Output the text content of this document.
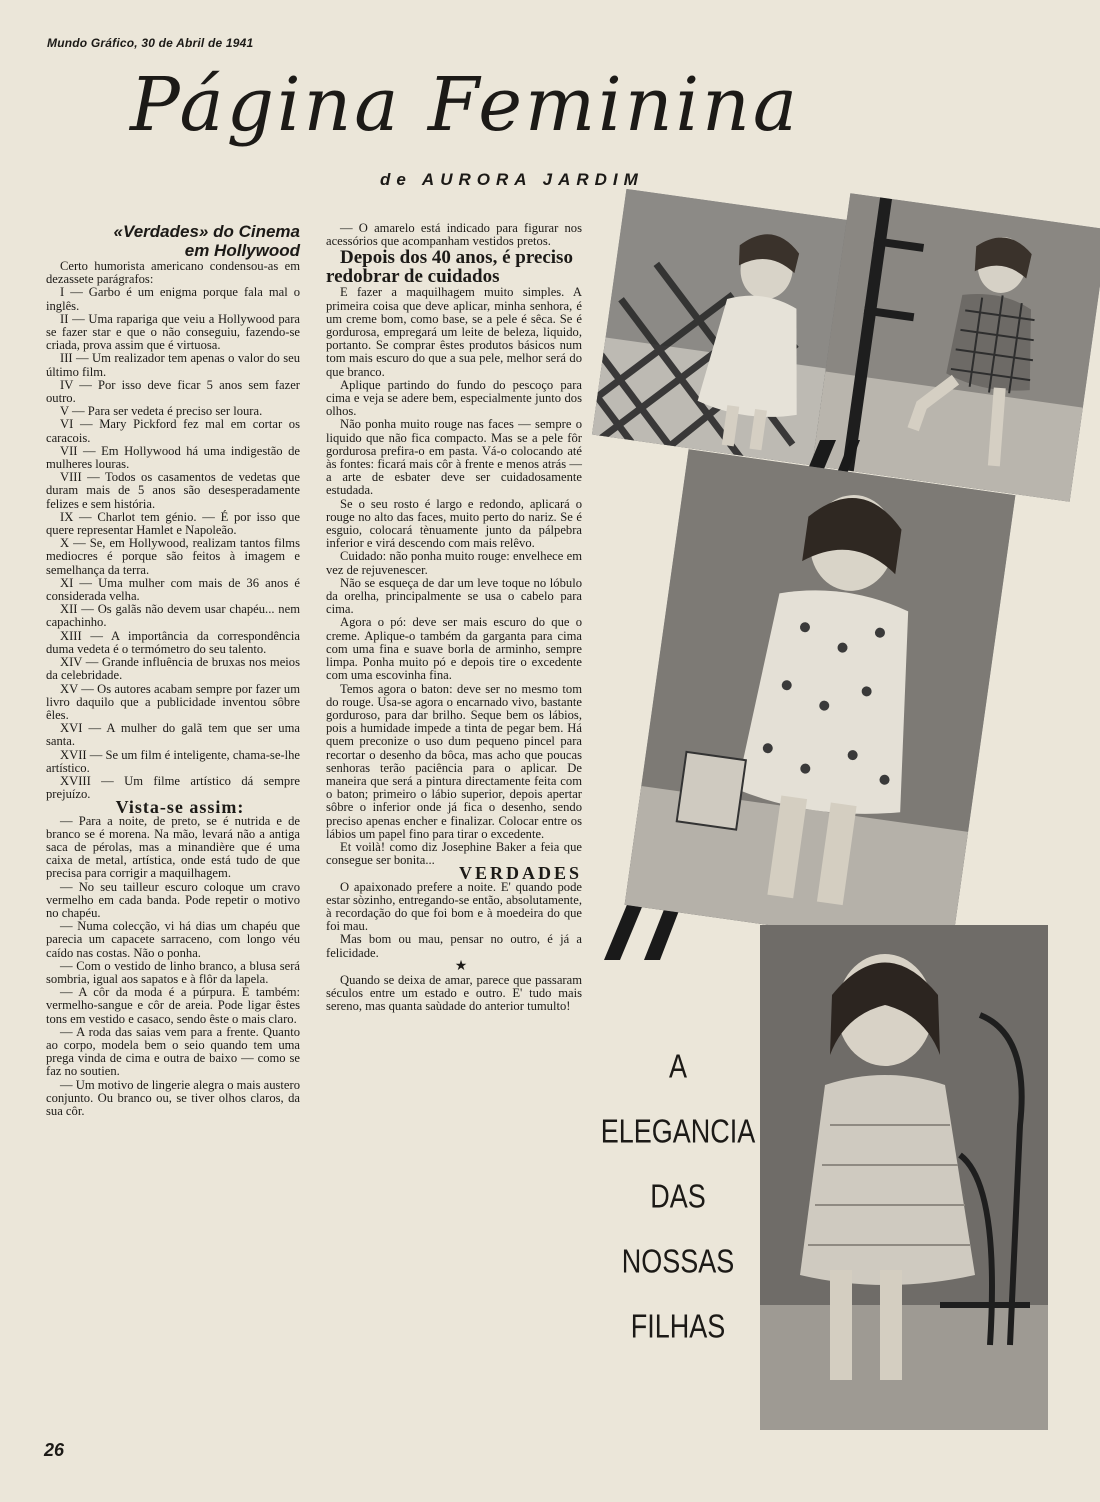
Mundo Gráfico, 30 de Abril de 1941
Página Feminina
de AURORA JARDIM

«Verdades» do Cinema
em Hollywood

Certo humorista americano condensou-as em dezassete parágrafos:

I — Garbo é um enigma porque fala mal o inglês.

II — Uma rapariga que veiu a Hollywood para se fazer star e que o não conseguiu, fazendo-se criada, prova assim que é virtuosa.

III — Um realizador tem apenas o valor do seu último film.

IV — Por isso deve ficar 5 anos sem fazer outro.

V — Para ser vedeta é preciso ser loura.

VI — Mary Pickford fez mal em cortar os caracois.

VII — Em Hollywood há uma indigestão de mulheres louras.

VIII — Todos os casamentos de vedetas que duram mais de 5 anos são desesperadamente felizes e sem história.

IX — Charlot tem génio. — É por isso que quere representar Hamlet e Napoleão.

X — Se, em Hollywood, realizam tantos films mediocres é porque são feitos à imagem e semelhança da terra.

XI — Uma mulher com mais de 36 anos é considerada velha.

XII — Os galãs não devem usar chapéu... nem capachinho.

XIII — A importância da correspondência duma vedeta é o termómetro do seu talento.

XIV — Grande influência de bruxas nos meios da celebridade.

XV — Os autores acabam sempre por fazer um livro daquilo que a publicidade inventou sôbre êles.

XVI — A mulher do galã tem que ser uma santa.

XVII — Se um film é inteligente, chama-se-lhe artístico.

XVIII — Um filme artístico dá sempre prejuízo.

Vista-se assim:

— Para a noite, de preto, se é nutrida e de branco se é morena. Na mão, levará não a antiga saca de pérolas, mas a minandière que é uma caixa de metal, artística, onde está tudo de que precisa para corrigir a maquilhagem.

— No seu tailleur escuro coloque um cravo vermelho em cada banda. Pode repetir o motivo no chapéu.

— Numa colecção, vi há dias um chapéu que parecia um capacete sarraceno, com longo véu caído nas costas. Não o ponha.

— Com o vestido de linho branco, a blusa será sombria, igual aos sapatos e à flôr da lapela.

— A côr da moda é a púrpura. E também: vermelho-sangue e côr de areia. Pode ligar êstes tons em vestido e casaco, sendo êste o mais claro.

— A roda das saias vem para a frente. Quanto ao corpo, modela bem o seio quando tem uma prega vinda de cima e outra de baixo — como se faz no soutien.

— Um motivo de lingerie alegra o mais austero conjunto. Ou branco ou, se tiver olhos claros, da sua côr.

— O amarelo está indicado para figurar nos acessórios que acompanham vestidos pretos.

Depois dos 40 anos, é preciso redobrar de cuidados

E fazer a maquilhagem muito simples. A primeira coisa que deve aplicar, minha senhora, é um creme bom, como base, se a pele é sêca. Se é gordurosa, empregará um leite de beleza, liquido, portanto. Se comprar êstes produtos básicos num tom mais escuro do que a sua pele, melhor será do que branco.

Aplique partindo do fundo do pescoço para cima e veja se adere bem, especialmente junto dos olhos.

Não ponha muito rouge nas faces — sempre o liquido que não fica compacto. Mas se a pele fôr gordurosa prefira-o em pasta. Vá-o colocando até às fontes: ficará mais côr à frente e menos atrás — a arte de esbater deve ser cuidadosamente estudada.

Se o seu rosto é largo e redondo, aplicará o rouge no alto das faces, muito perto do nariz. Se é esguio, colocará tènuamente junto da pálpebra inferior e virá descendo com mais relêvo.

Cuidado: não ponha muito rouge: envelhece em vez de rejuvenescer.

Não se esqueça de dar um leve toque no lóbulo da orelha, principalmente se usa o cabelo para cima.

Agora o pó: deve ser mais escuro do que o creme. Aplique-o também da garganta para cima com uma fina e suave borla de arminho, sempre limpa. Ponha muito pó e depois tire o excedente com uma escovinha fina.

Temos agora o baton: deve ser no mesmo tom do rouge. Usa-se agora o encarnado vivo, bastante gorduroso, para dar brilho. Seque bem os lábios, pois a humidade impede a tinta de pegar bem. Há quem preconize o uso dum pequeno pincel para recortar o desenho da bôca, mas acho que poucas senhoras terão paciência para o aplicar. De maneira que será a pintura directamente feita com o baton; primeiro o lábio superior, depois apertar sôbre o inferior onde já fica o desenho, sendo preciso apenas encher e finalizar. Colocar entre os lábios um papel fino para tirar o excedente.

Et voilà! como diz Josephine Baker a feia que consegue ser bonita...

VERDADES

O apaixonado prefere a noite. E' quando pode estar sòzinho, entregando-se então, absolutamente, à recordação do que foi bom e à moedeira do que foi mau.

Mas bom ou mau, pensar no outro, é já a felicidade.

★

Quando se deixa de amar, parece que passaram séculos entre um estado e outro. E' tudo mais sereno, mas quanta saùdade do anterior tumulto!

A
ELEGANCIA
DAS
NOSSAS
FILHAS
26
